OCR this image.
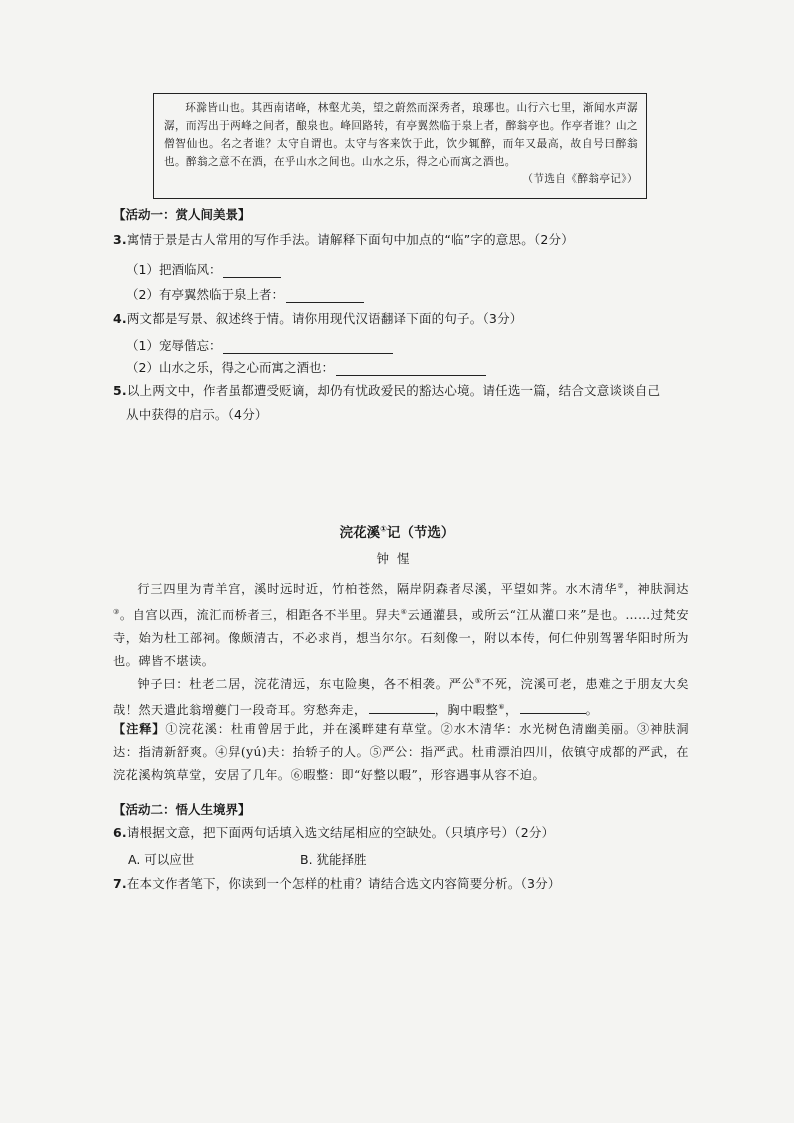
环滁皆山也。其西南诸峰，林壑尤美，望之蔚然而深秀者，琅琊也。山行六七里，渐闻水声潺潺，而泻出于两峰之间者，酿泉也。峰回路转，有亭翼然临于泉上者，醉翁亭也。作亭者谁？山之僧智仙也。名之者谁？太守自谓也。太守与客来饮于此，饮少辄醉，而年又最高，故自号曰醉翁也。醉翁之意不在酒，在乎山水之间也。山水之乐，得之心而寓之酒也。
（节选自《醉翁亭记》）
【活动一：赏人间美景】
3.寓情于景是古人常用的写作手法。请解释下面句中加点的“临”字的意思。（2分）
（1）把酒临风：
（2）有亭翼然临于泉上者：
4.两文都是写景、叙述终于情。请你用现代汉语翻译下面的句子。（3分）
（1）宠辱偕忘：
（2）山水之乐，得之心而寓之酒也：
5.以上两文中，作者虽都遭受贬谪，却仍有忧政爱民的豁达心境。请任选一篇，结合文意谈谈自己
从中获得的启示。（4分）
浣花溪①记（节选）
钟惺
行三四里为青羊宫，溪时远时近，竹柏苍然，隔岸阴森者尽溪，平望如荠。水木清华②，神肤洞达③。自宫以西，流汇而桥者三，相距各不半里。舁夫④云通灌县，或所云“江从灌口来”是也。……过梵安寺，始为杜工部祠。像颇清古，不必求肖，想当尔尔。石刻像一，附以本传，何仁仲别驾署华阳时所为也。碑皆不堪读。
钟子曰：杜老二居，浣花清远，东屯险奥，各不相袭。严公⑤不死，浣溪可老，患难之于朋友大矣哉！然天遣此翁增夔门一段奇耳。穷愁奔走，	，胸中暇整⑥，	。
【注释】①浣花溪：杜甫曾居于此，并在溪畔建有草堂。②水木清华：水光树色清幽美丽。③神肤洞达：指清新舒爽。④舁(yú)夫：抬轿子的人。⑤严公：指严武。杜甫漂泊四川，依镇守成都的严武，在浣花溪构筑草堂，安居了几年。⑥暇整：即“好整以暇”，形容遇事从容不迫。
【活动二：悟人生境界】
6.请根据文意，把下面两句话填入选文结尾相应的空缺处。（只填序号）（2分）
A. 可以应世	B. 犹能择胜
7.在本文作者笔下，你读到一个怎样的杜甫？请结合选文内容简要分析。（3分）
